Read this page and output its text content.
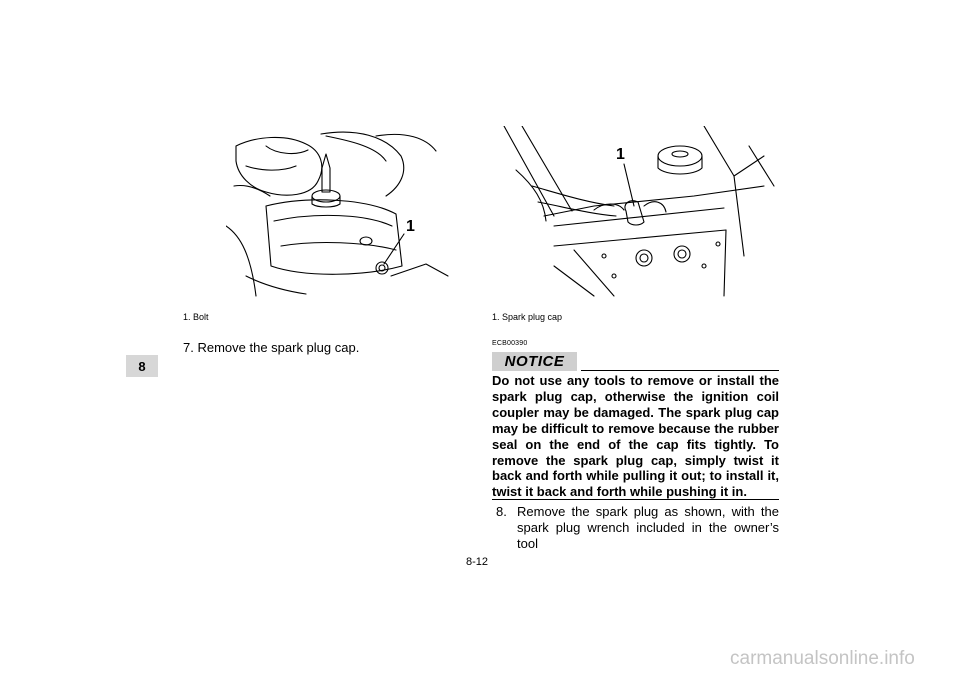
8
1
1. Bolt
7. Remove the spark plug cap.
1
1. Spark plug cap
ECB00390
NOTICE
Do not use any tools to remove or install the spark plug cap, otherwise the ignition coil coupler may be damaged. The spark plug cap may be difficult to remove because the rubber seal on the end of the cap fits tightly. To remove the spark plug cap, simply twist it back and forth while pulling it out; to install it, twist it back and forth while pushing it in.
8. Remove the spark plug as shown, with the spark plug wrench included in the owner’s tool
8-12
carmanualsonline.info
